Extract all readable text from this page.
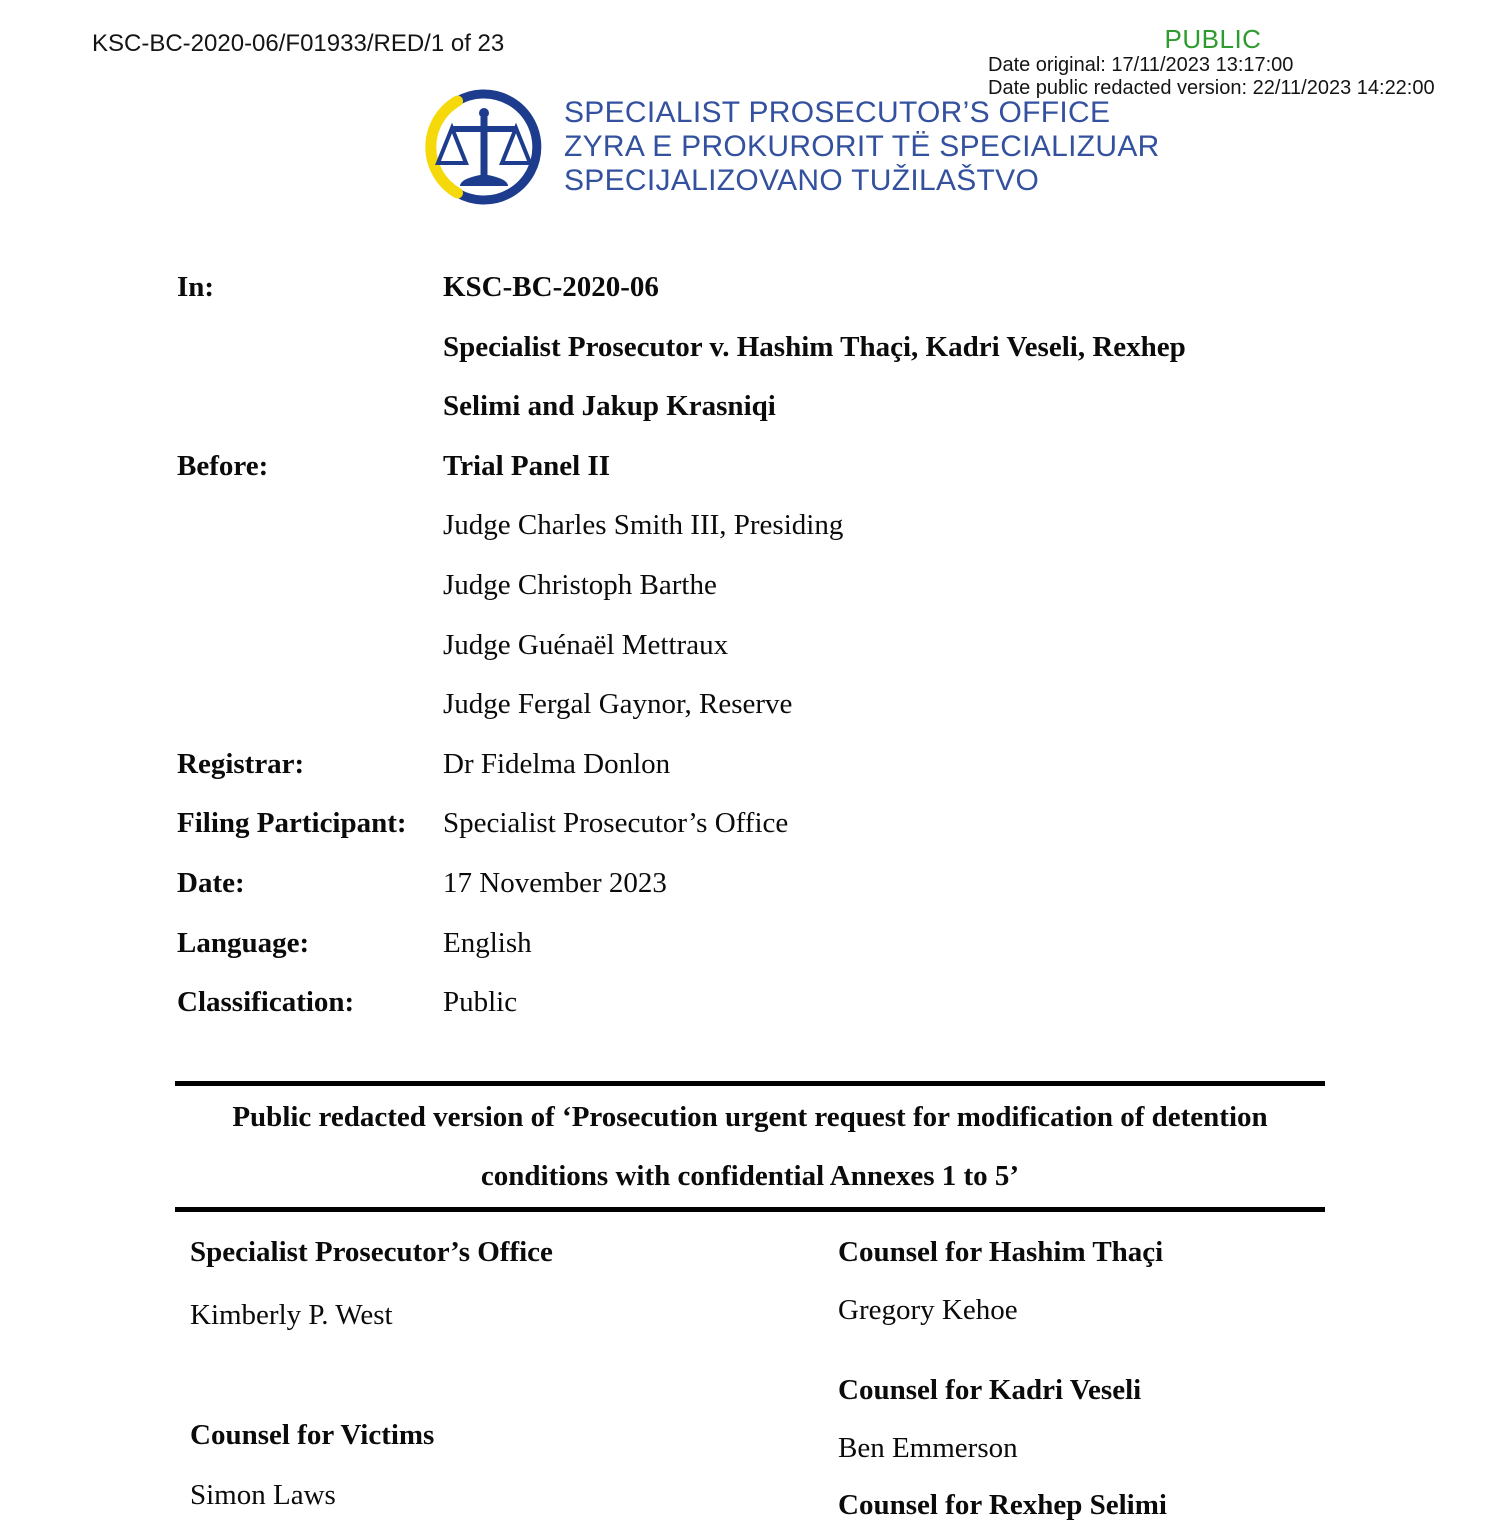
KSC-BC-2020-06/F01933/RED/1 of 23	PUBLIC
Date original: 17/11/2023 13:17:00
Date public redacted version: 22/11/2023 14:22:00
SPECIALIST PROSECUTOR’S OFFICE
ZYRA E PROKURORIT TË SPECIALIZUAR
SPECIJALIZOVANO TUŽILAŠTVO
In:	KSC-BC-2020-06
Specialist Prosecutor v. Hashim Thaçi, Kadri Veseli, Rexhep
Selimi and Jakup Krasniqi
Before:	Trial Panel II
Judge Charles Smith III, Presiding
Judge Christoph Barthe
Judge Guénaël Mettraux
Judge Fergal Gaynor, Reserve
Registrar:	Dr Fidelma Donlon
Filing Participant:	Specialist Prosecutor’s Office
Date:	17 November 2023
Language:	English
Classification:	Public
Public redacted version of ‘Prosecution urgent request for modification of detention
conditions with confidential Annexes 1 to 5’
Specialist Prosecutor’s Office
Kimberly P. West
Counsel for Victims
Simon Laws
Counsel for Hashim Thaçi
Gregory Kehoe
Counsel for Kadri Veseli
Ben Emmerson
Counsel for Rexhep Selimi
